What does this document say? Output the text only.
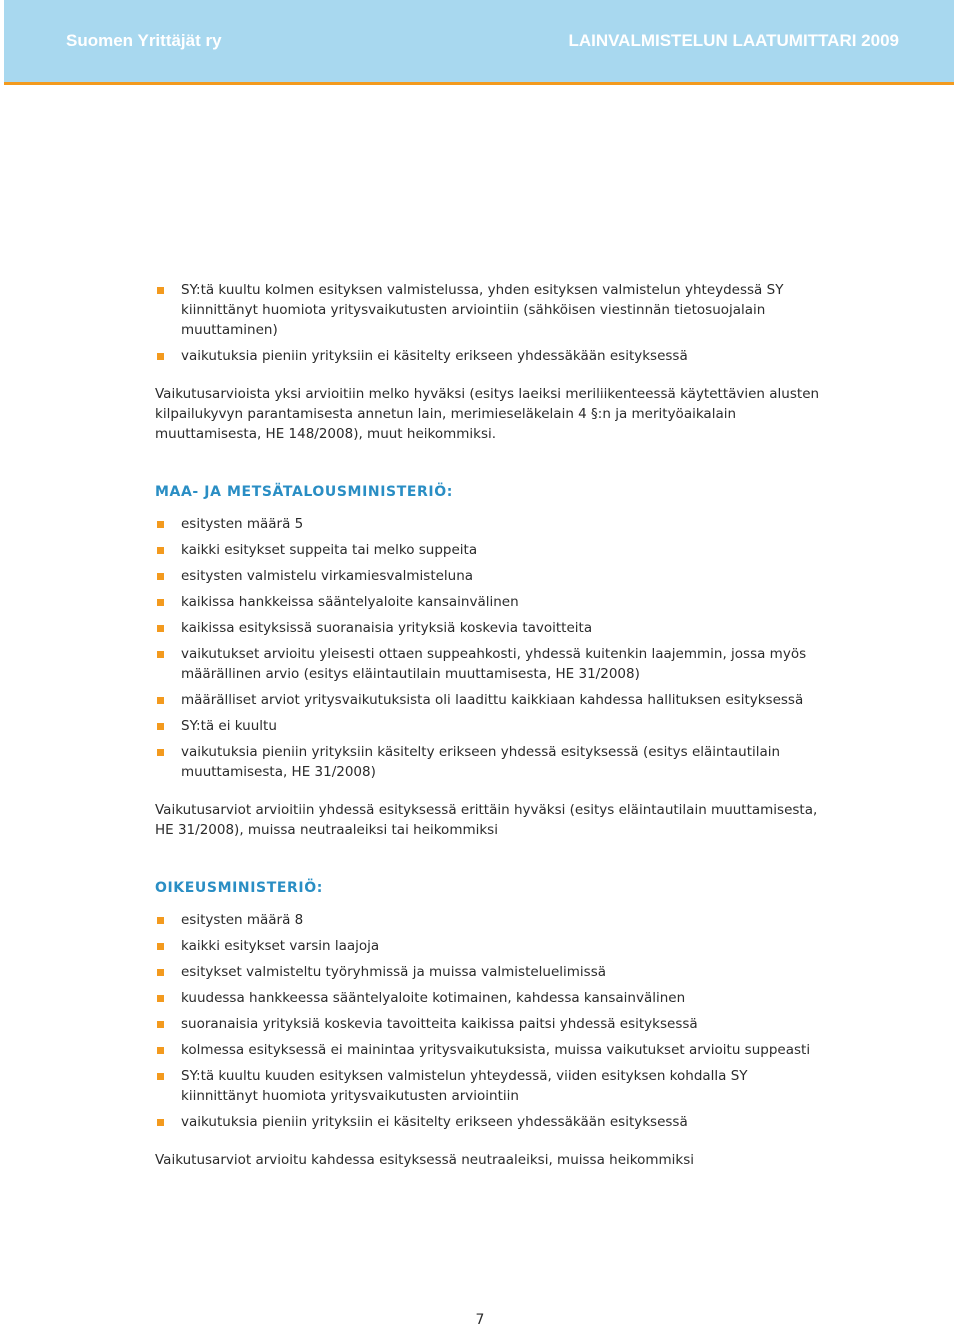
Suomen Yrittäjät ry	LAINVALMISTELUN LAATUMITTARI 2009
SY:tä kuultu kolmen esityksen valmistelussa, yhden esityksen valmistelun yhteydessä SY kiinnittänyt huomiota yritysvaikutusten arviointiin (sähköisen viestinnän tietosuojalain muuttaminen)
vaikutuksia pieniin yrityksiin ei käsitelty erikseen yhdessäkään esityksessä

Vaikutusarvioista yksi arvioitiin melko hyväksi (esitys laeiksi meriliikenteessä käytettävien alusten kilpailukyvyn parantamisesta annetun lain, merimieseläkelain 4 §:n ja merityöaikalain muuttamisesta, HE 148/2008), muut heikommiksi.

MAA- JA METSÄTALOUSMINISTERIÖ:
esitysten määrä 5
kaikki esitykset suppeita tai melko suppeita
esitysten valmistelu virkamiesvalmisteluna
kaikissa hankkeissa sääntelyaloite kansainvälinen
kaikissa esityksissä suoranaisia yrityksiä koskevia tavoitteita
vaikutukset arvioitu yleisesti ottaen suppeahkosti, yhdessä kuitenkin laajemmin, jossa myös määrällinen arvio (esitys eläintautilain muuttamisesta, HE 31/2008)
määrälliset arviot yritysvaikutuksista oli laadittu kaikkiaan kahdessa hallituksen esityksessä
SY:tä ei kuultu
vaikutuksia pieniin yrityksiin käsitelty erikseen yhdessä esityksessä (esitys eläintautilain muuttamisesta, HE 31/2008)

Vaikutusarviot arvioitiin yhdessä esityksessä erittäin hyväksi (esitys eläintautilain muuttamisesta, HE 31/2008), muissa neutraaleiksi tai heikommiksi

OIKEUSMINISTERIÖ:
esitysten määrä 8
kaikki esitykset varsin laajoja
esitykset valmisteltu työryhmissä ja muissa valmisteluelimissä
kuudessa hankkeessa sääntelyaloite kotimainen, kahdessa kansainvälinen
suoranaisia yrityksiä koskevia tavoitteita kaikissa paitsi yhdessä esityksessä
kolmessa esityksessä ei mainintaa yritysvaikutuksista, muissa vaikutukset arvioitu suppeasti
SY:tä kuultu kuuden esityksen valmistelun yhteydessä, viiden esityksen kohdalla SY kiinnittänyt huomiota yritysvaikutusten arviointiin
vaikutuksia pieniin yrityksiin ei käsitelty erikseen yhdessäkään esityksessä

Vaikutusarviot arvioitu kahdessa esityksessä neutraaleiksi, muissa heikommiksi

7
